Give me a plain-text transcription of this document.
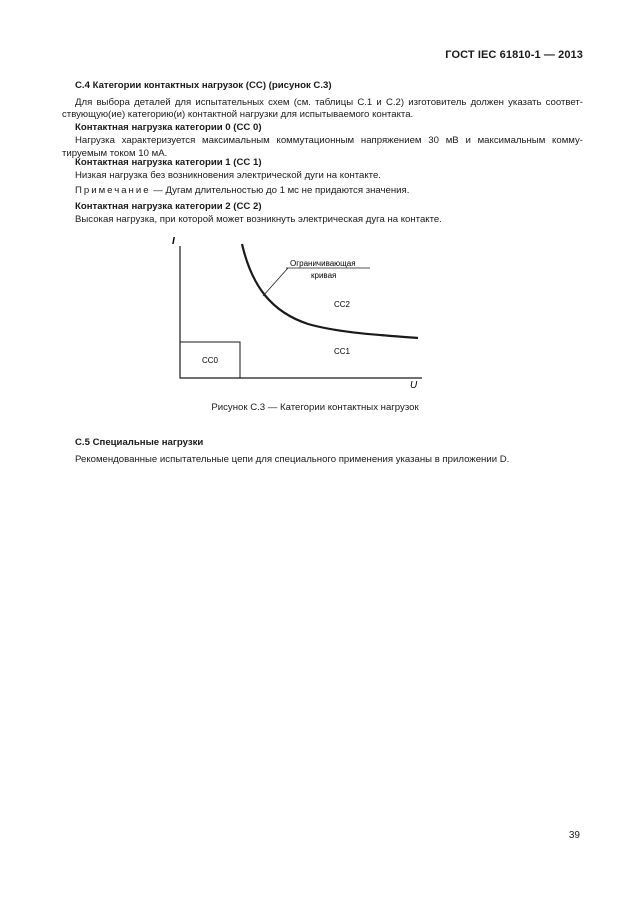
ГОСТ IEC 61810-1 — 2013
С.4 Категории контактных нагрузок (СС) (рисунок С.3)
Для выбора деталей для испытательных схем (см. таблицы С.1 и С.2) изготовитель должен указать соответ-
ствующую(ие) категорию(и) контактной нагрузки для испытываемого контакта.
Контактная нагрузка категории 0 (СС 0)
Нагрузка характеризуется максимальным коммутационным напряжением 30 мВ и максимальным комму-
тируемым током 10 мА.
Контактная нагрузка категории 1 (СС 1)
Низкая нагрузка без возникновения электрической дуги на контакте.
Примечание — Дугам длительностью до 1 мс не придаются значения.
Контактная нагрузка категории 2 (СС 2)
Высокая нагрузка, при которой может возникнуть электрическая дуга на контакте.
I
U
CC0
Ограничивающая
кривая
CC2
CC1
Рисунок С.3 — Категории контактных нагрузок
С.5 Специальные нагрузки
Рекомендованные испытательные цепи для специального применения указаны в приложении D.
39
